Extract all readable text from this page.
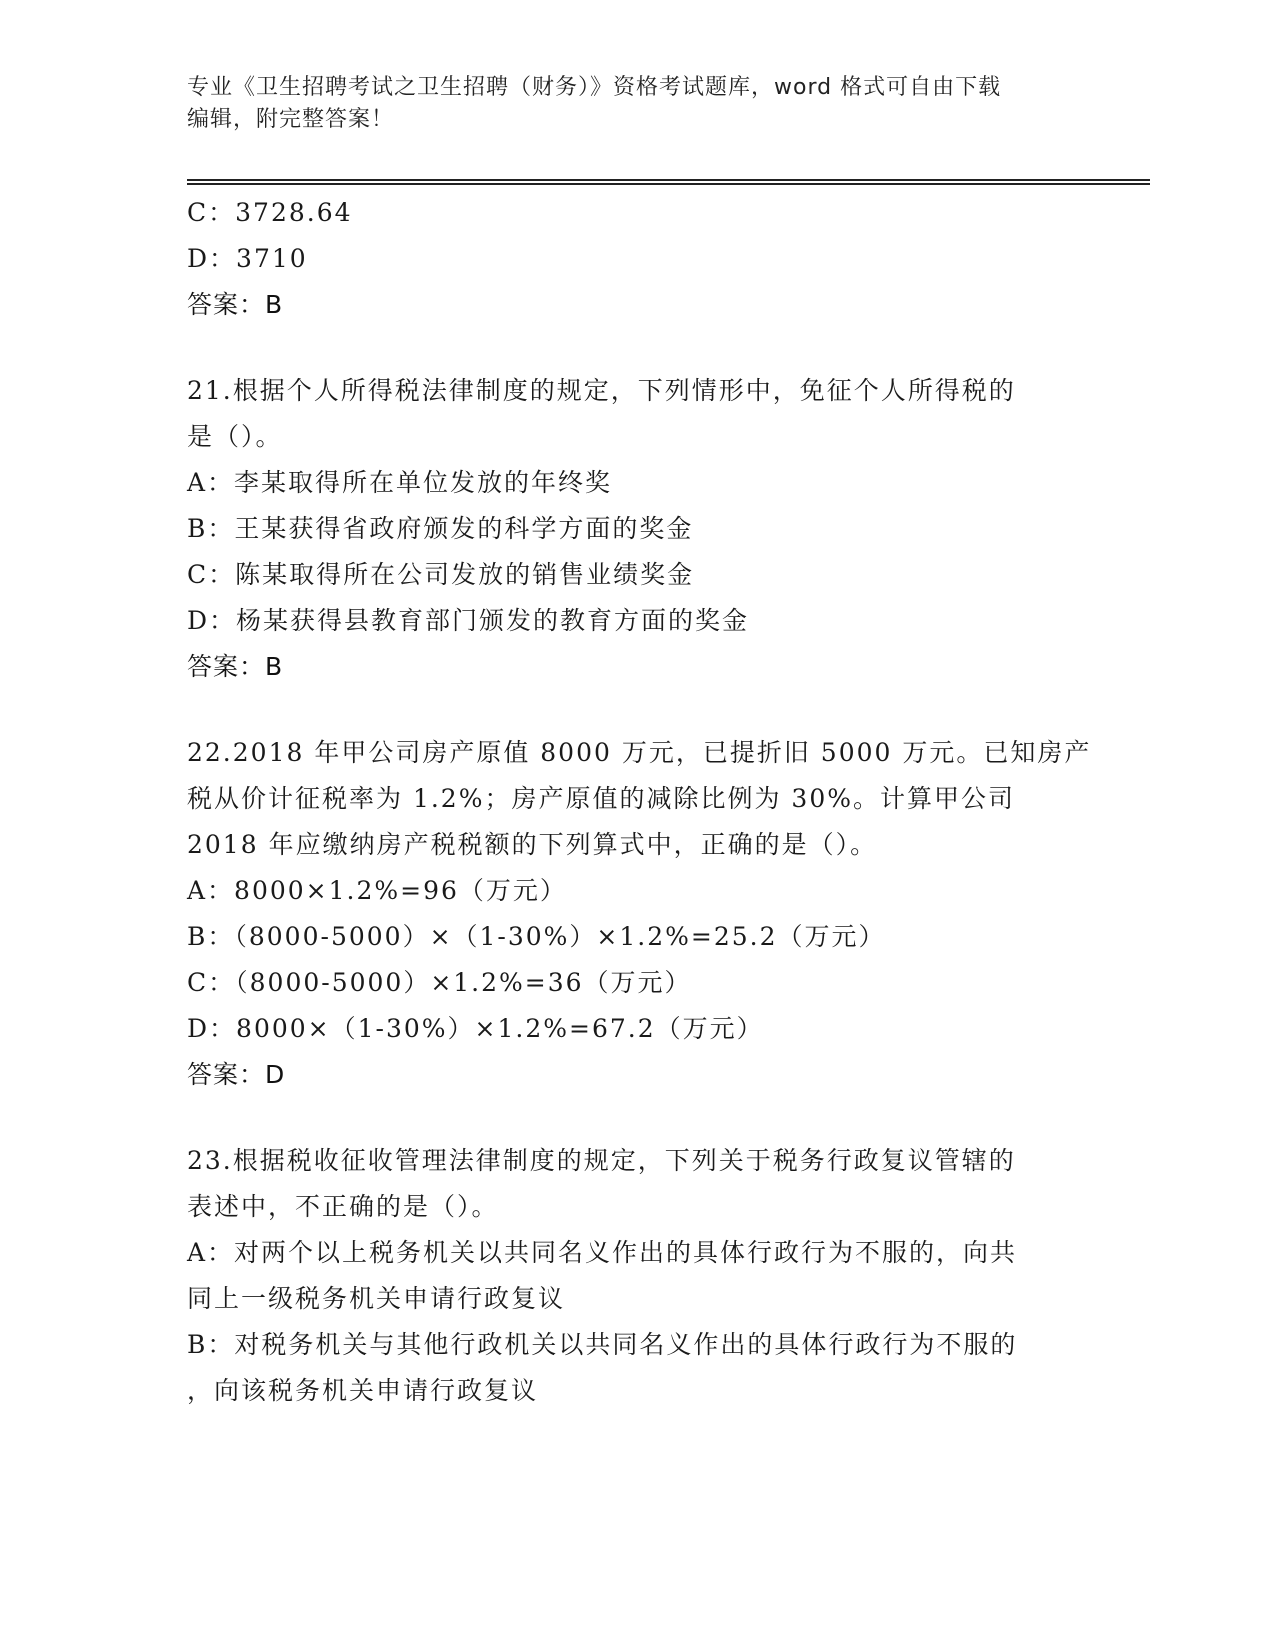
专业《卫生招聘考试之卫生招聘（财务）》资格考试题库，word 格式可自由下载
编辑，附完整答案！
C：3728.64
D：3710
答案：B
21.根据个人所得税法律制度的规定，下列情形中，免征个人所得税的
是（）。
A：李某取得所在单位发放的年终奖
B：王某获得省政府颁发的科学方面的奖金
C：陈某取得所在公司发放的销售业绩奖金
D：杨某获得县教育部门颁发的教育方面的奖金
答案：B
22.2018 年甲公司房产原值 8000 万元，已提折旧 5000 万元。已知房产
税从价计征税率为 1.2%；房产原值的减除比例为 30%。计算甲公司
2018 年应缴纳房产税税额的下列算式中，正确的是（）。
A：8000×1.2%=96（万元）
B：（8000-5000）×（1-30%）×1.2%=25.2（万元）
C：（8000-5000）×1.2%=36（万元）
D：8000×（1-30%）×1.2%=67.2（万元）
答案：D
23.根据税收征收管理法律制度的规定，下列关于税务行政复议管辖的
表述中，不正确的是（）。
A：对两个以上税务机关以共同名义作出的具体行政行为不服的，向共
同上一级税务机关申请行政复议
B：对税务机关与其他行政机关以共同名义作出的具体行政行为不服的
，向该税务机关申请行政复议
